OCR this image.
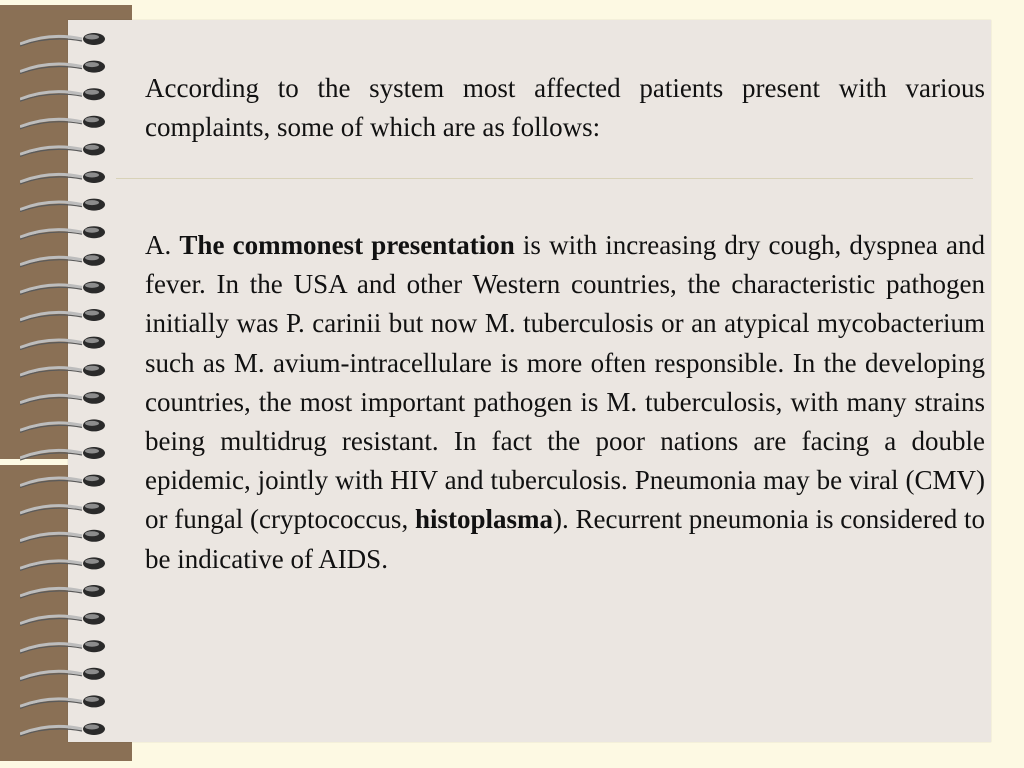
According to the system most affected patients present with various complaints, some of which are as follows:

A. The commonest presentation is with increasing dry cough, dyspnea and fever. In the USA and other Western countries, the characteristic pathogen initially was P. carinii but now M. tuberculosis or an atypical mycobacterium such as M. avium-intracellulare is more often responsible. In the developing countries, the most important pathogen is M. tuberculosis, with many strains being multidrug resistant. In fact the poor nations are facing a double epidemic, jointly with HIV and tuberculosis. Pneumonia may be viral (CMV) or fungal (cryptococcus, histoplasma). Recurrent pneumonia is considered to be indicative of AIDS.
